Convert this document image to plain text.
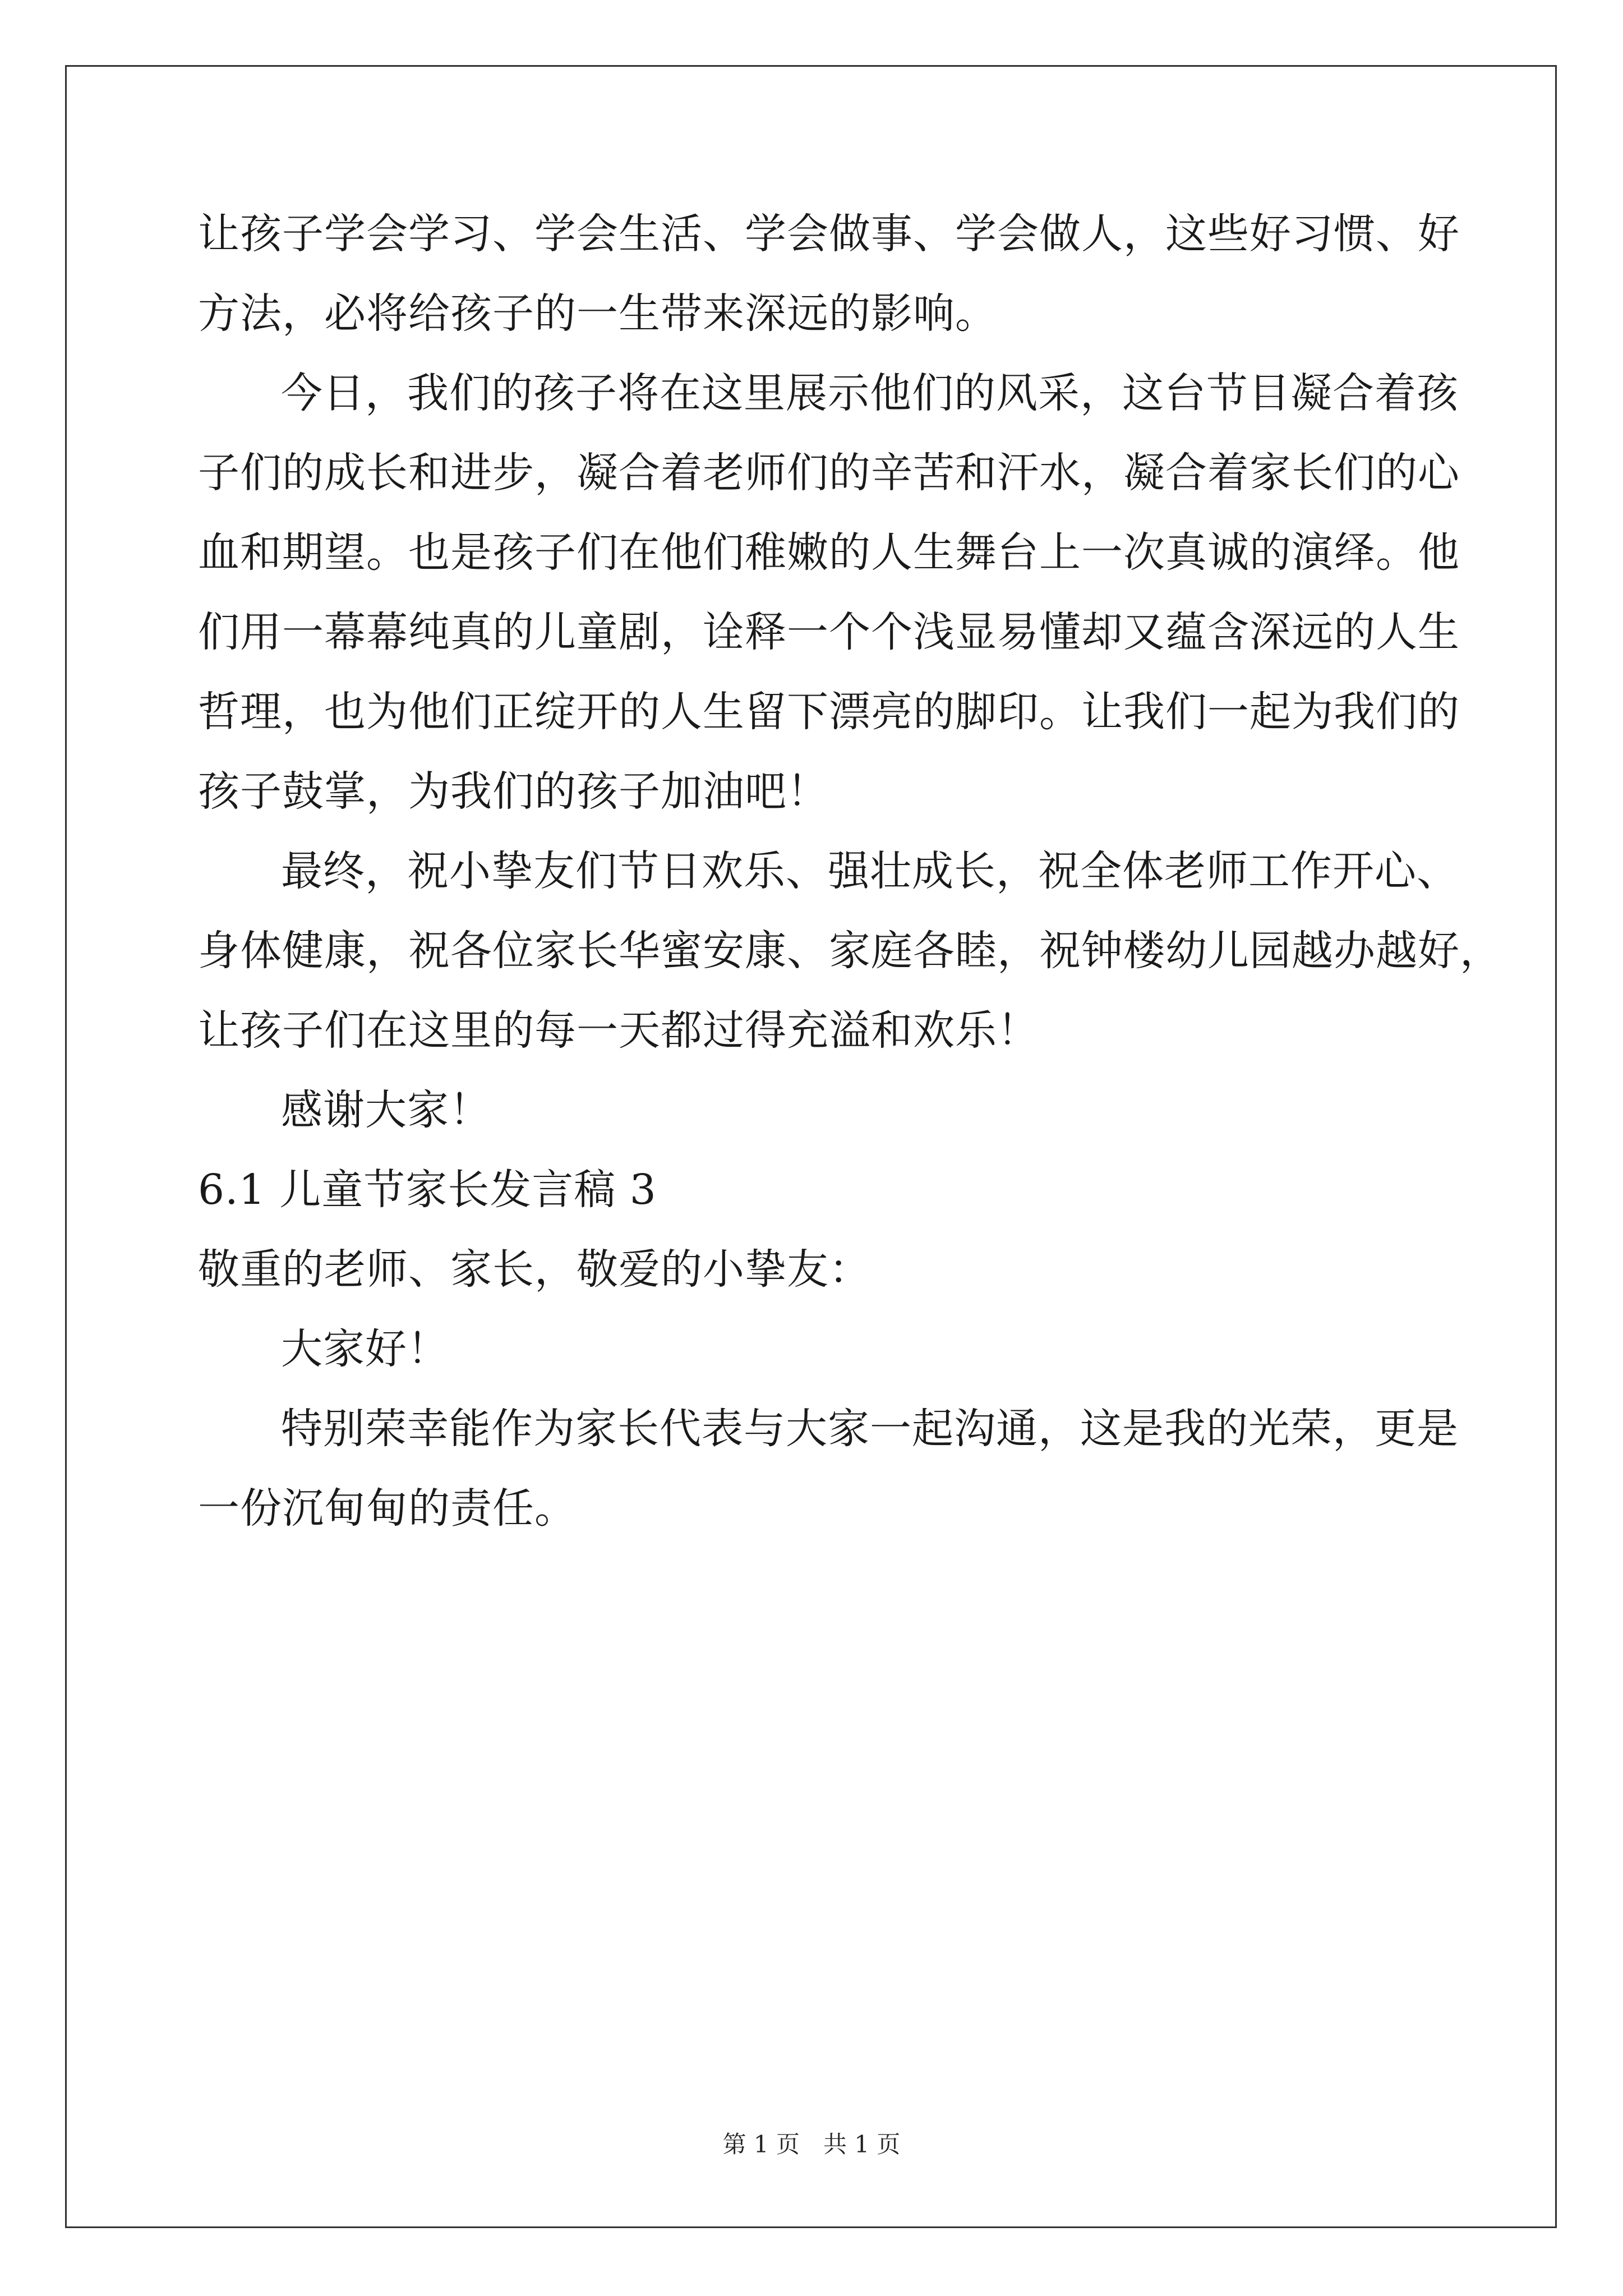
让孩子学会学习、学会生活、学会做事、学会做人，这些好习惯、好
方法，必将给孩子的一生带来深远的影响。
今日，我们的孩子将在这里展示他们的风采，这台节目凝合着孩
子们的成长和进步，凝合着老师们的辛苦和汗水，凝合着家长们的心
血和期望。也是孩子们在他们稚嫩的人生舞台上一次真诚的演绎。他
们用一幕幕纯真的儿童剧，诠释一个个浅显易懂却又蕴含深远的人生
哲理，也为他们正绽开的人生留下漂亮的脚印。让我们一起为我们的
孩子鼓掌，为我们的孩子加油吧！
最终，祝小挚友们节日欢乐、强壮成长，祝全体老师工作开心、
身体健康，祝各位家长华蜜安康、家庭各睦，祝钟楼幼儿园越办越好，
让孩子们在这里的每一天都过得充溢和欢乐！
感谢大家！
6.1 儿童节家长发言稿 3
敬重的老师、家长，敬爱的小挚友：
大家好！
特别荣幸能作为家长代表与大家一起沟通，这是我的光荣，更是
一份沉甸甸的责任。
第 1 页　共 1 页
